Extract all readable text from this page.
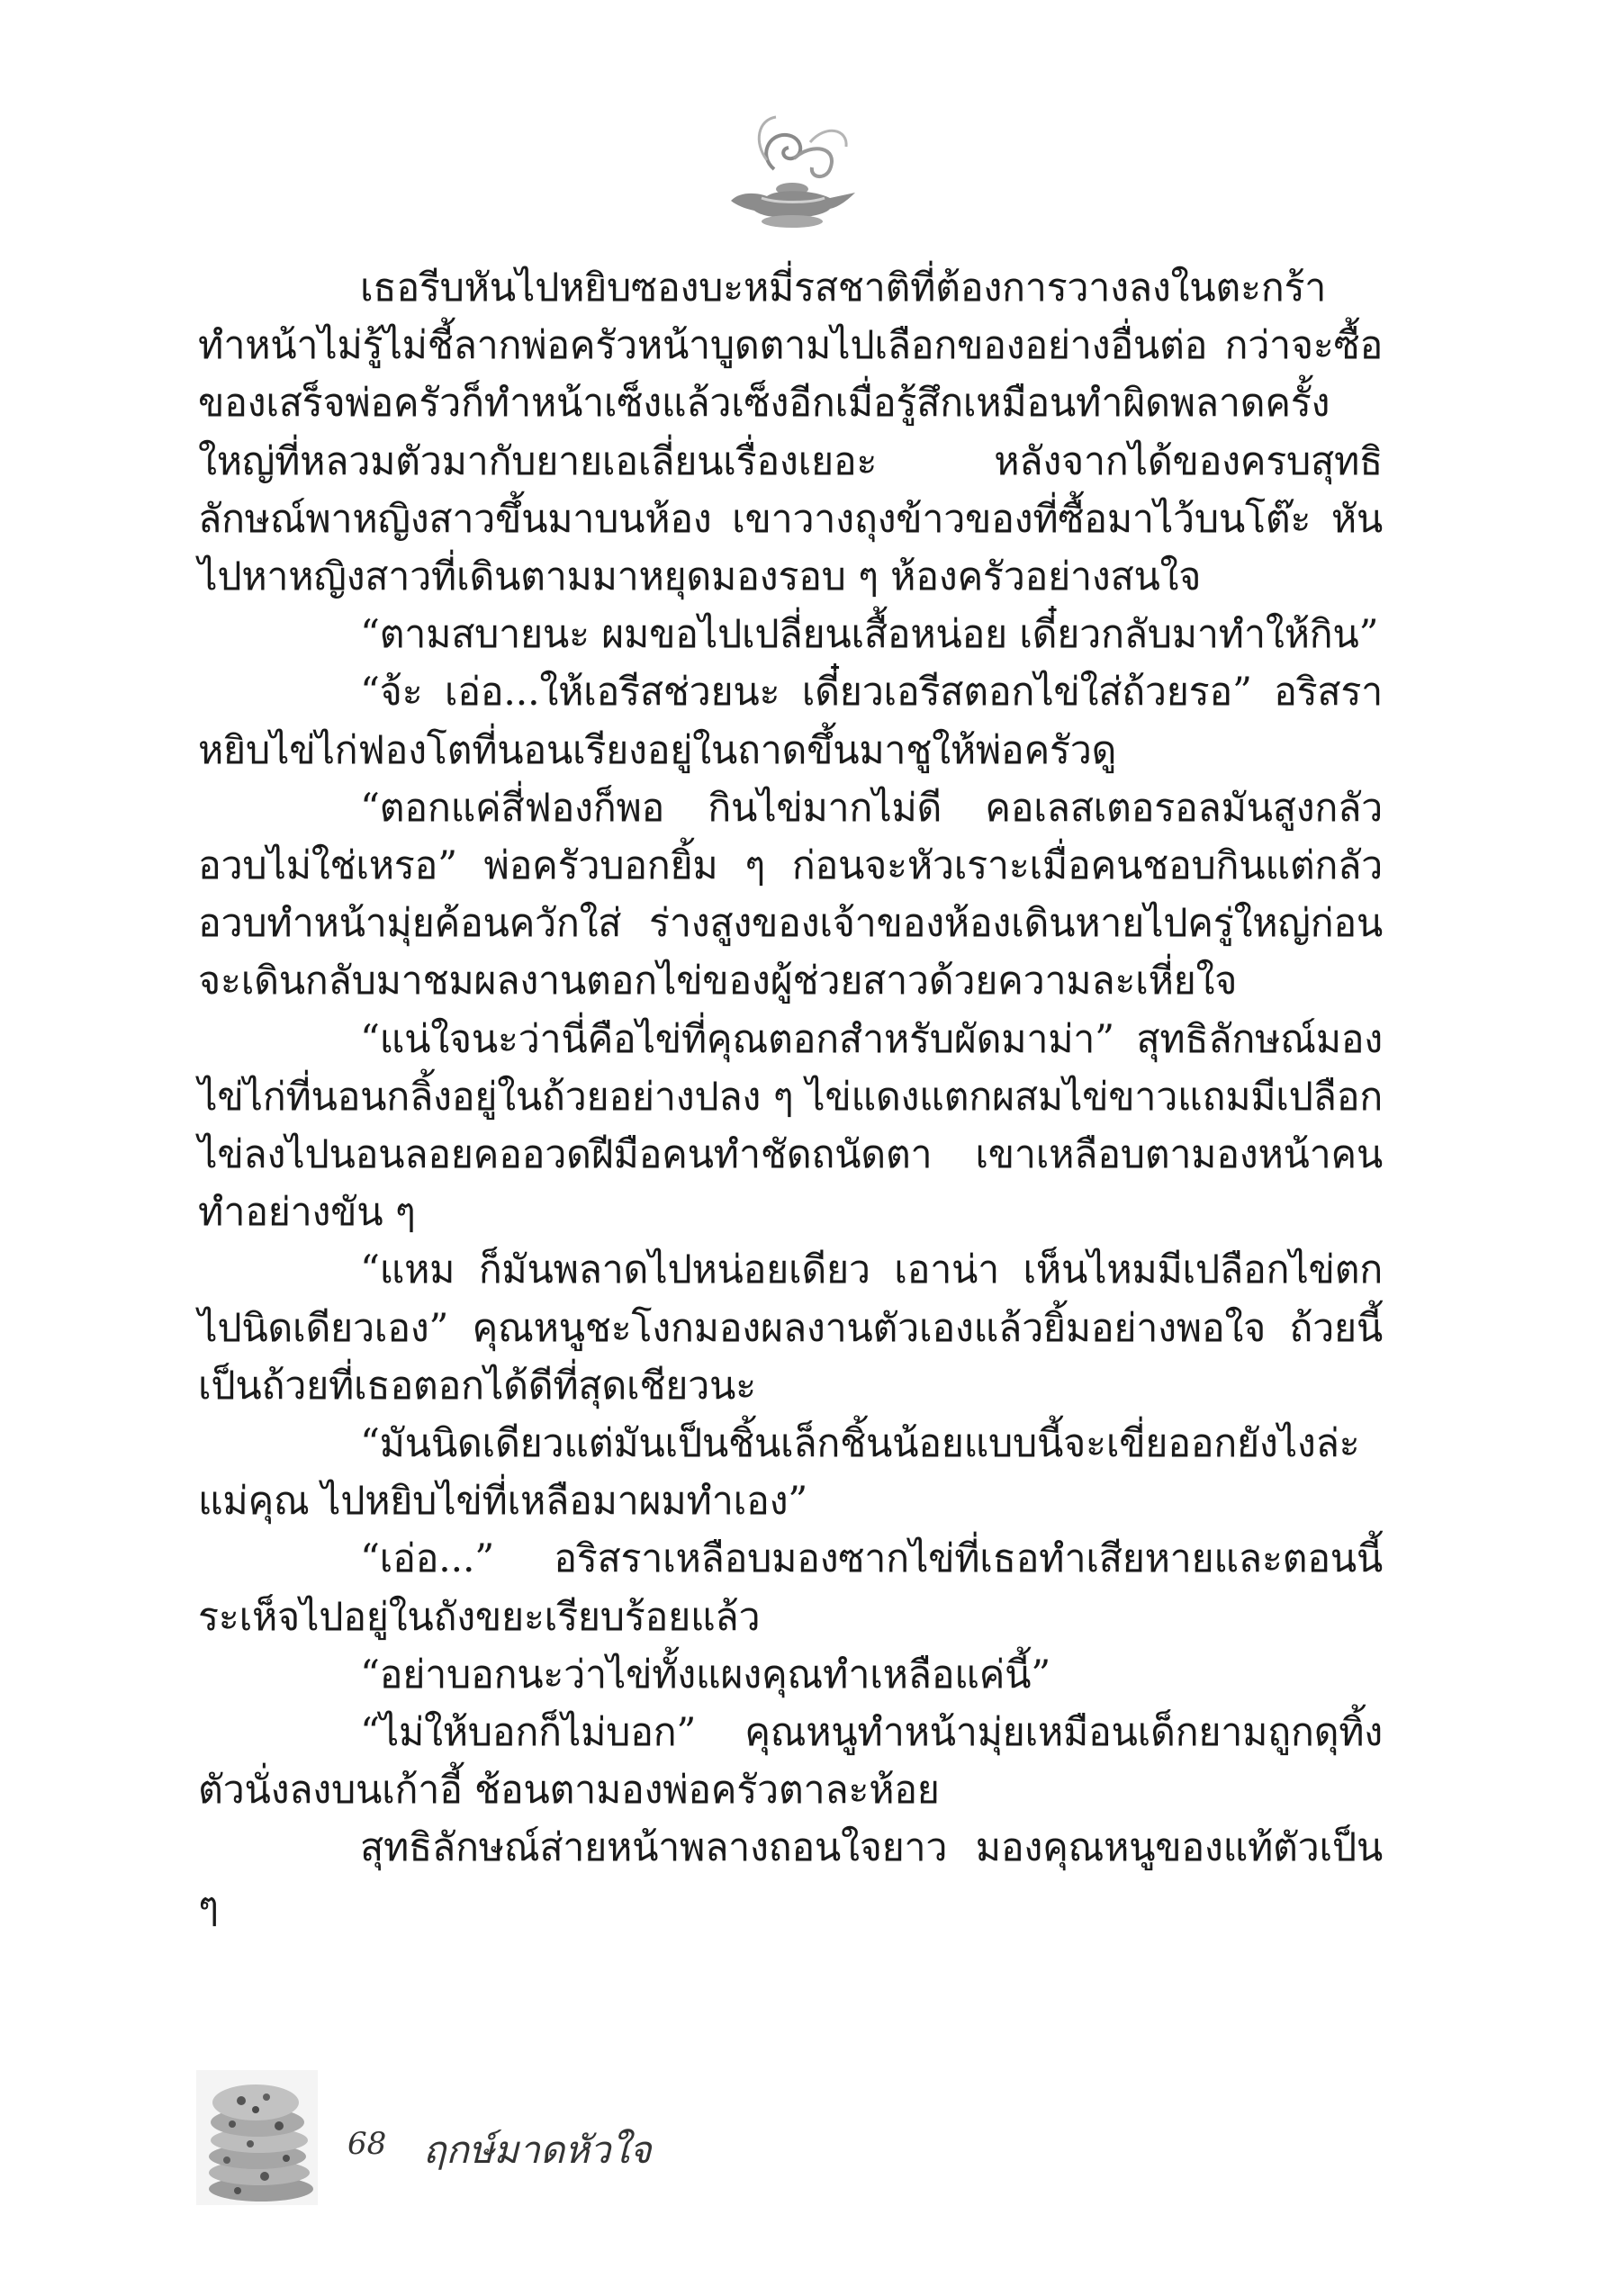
เธอรีบหันไปหยิบซองบะหมี่รสชาติที่ต้องการวางลงในตะกร้า ทำหน้าไม่รู้ไม่ชี้ลากพ่อครัวหน้าบูดตามไปเลือกของอย่างอื่นต่อ กว่าจะซื้อของเสร็จพ่อครัวก็ทำหน้าเซ็งแล้วเซ็งอีกเมื่อรู้สึกเหมือนทำผิดพลาดครั้งใหญ่ที่หลวมตัวมากับยายเอเลี่ยนเรื่องเยอะ หลังจากได้ของครบสุทธิลักษณ์พาหญิงสาวขึ้นมาบนห้อง เขาวางถุงข้าวของที่ซื้อมาไว้บนโต๊ะ หันไปหาหญิงสาวที่เดินตามมาหยุดมองรอบ ๆ ห้องครัวอย่างสนใจ

“ตามสบายนะ ผมขอไปเปลี่ยนเสื้อหน่อย เดี๋ยวกลับมาทำให้กิน”

“จ้ะ เอ่อ...ให้เอรีสช่วยนะ เดี๋ยวเอรีสตอกไข่ใส่ถ้วยรอ” อริสราหยิบไข่ไก่ฟองโตที่นอนเรียงอยู่ในถาดขึ้นมาชูให้พ่อครัวดู

“ตอกแค่สี่ฟองก็พอ กินไข่มากไม่ดี คอเลสเตอรอลมันสูงกลัวอวบไม่ใช่เหรอ” พ่อครัวบอกยิ้ม ๆ ก่อนจะหัวเราะเมื่อคนชอบกินแต่กลัวอวบทำหน้ามุ่ยค้อนควักใส่ ร่างสูงของเจ้าของห้องเดินหายไปครู่ใหญ่ก่อนจะเดินกลับมาชมผลงานตอกไข่ของผู้ช่วยสาวด้วยความละเหี่ยใจ

“แน่ใจนะว่านี่คือไข่ที่คุณตอกสำหรับผัดมาม่า” สุทธิลักษณ์มองไข่ไก่ที่นอนกลิ้งอยู่ในถ้วยอย่างปลง ๆ ไข่แดงแตกผสมไข่ขาวแถมมีเปลือกไข่ลงไปนอนลอยคออวดฝีมือคนทำชัดถนัดตา เขาเหลือบตามองหน้าคนทำอย่างขัน ๆ

“แหม ก็มันพลาดไปหน่อยเดียว เอาน่า เห็นไหมมีเปลือกไข่ตกไปนิดเดียวเอง” คุณหนูชะโงกมองผลงานตัวเองแล้วยิ้มอย่างพอใจ ถ้วยนี้เป็นถ้วยที่เธอตอกได้ดีที่สุดเชียวนะ

“มันนิดเดียวแต่มันเป็นชิ้นเล็กชิ้นน้อยแบบนี้จะเขี่ยออกยังไงล่ะแม่คุณ ไปหยิบไข่ที่เหลือมาผมทำเอง”

“เอ่อ...” อริสราเหลือบมองซากไข่ที่เธอทำเสียหายและตอนนี้ระเห็จไปอยู่ในถังขยะเรียบร้อยแล้ว

“อย่าบอกนะว่าไข่ทั้งแผงคุณทำเหลือแค่นี้”

“ไม่ให้บอกก็ไม่บอก” คุณหนูทำหน้ามุ่ยเหมือนเด็กยามถูกดุทิ้งตัวนั่งลงบนเก้าอี้ ช้อนตามองพ่อครัวตาละห้อย

สุทธิลักษณ์ส่ายหน้าพลางถอนใจยาว มองคุณหนูของแท้ตัวเป็น ๆ

68 ฤกษ์มาดหัวใจ
